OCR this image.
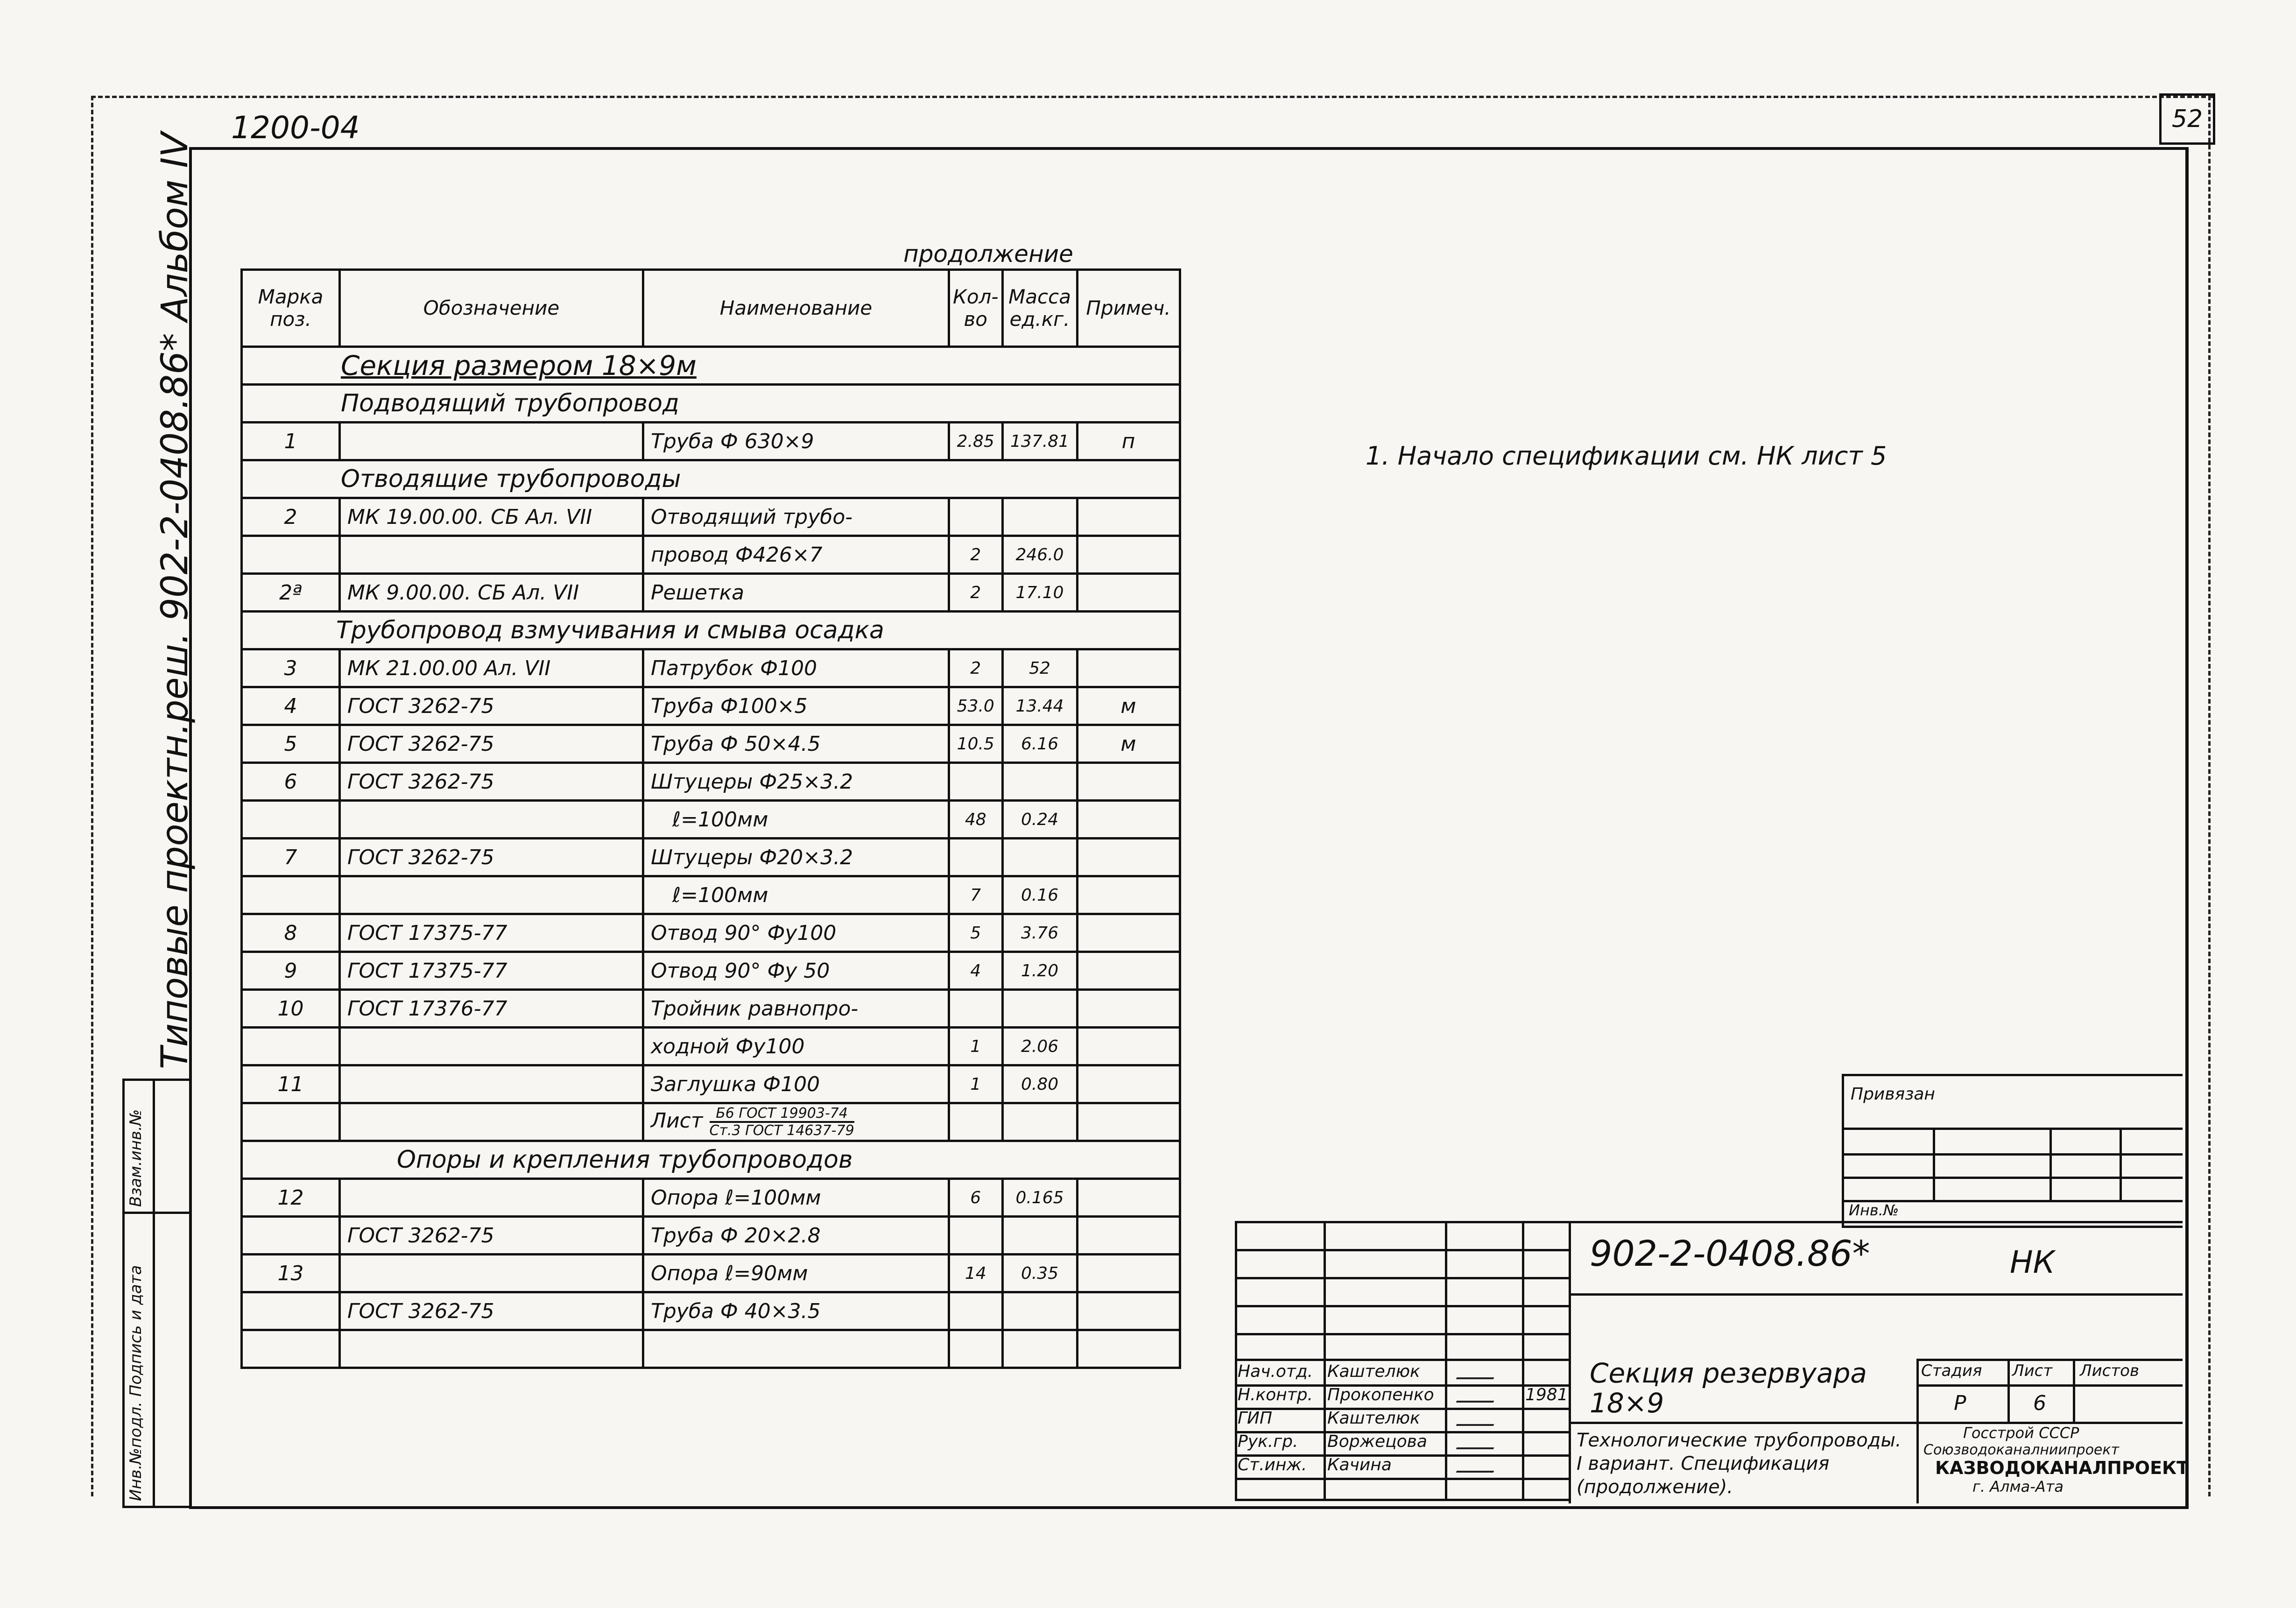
52
1200-04
Типовые проектн.реш. 902-2-0408.86* Альбом IV
Инв.№подл. Подпись и дата
Взам.инв.№
продолжение
Марка поз.	Обозначение	Наименование	Кол-во	Масса ед.кг.	Примеч.
Секция размером 18×9м					
Подводящий трубопровод					
1		Труба Ф 630×9	2.85	137.81	п
Отводящие трубопроводы					
2	МК 19.00.00. СБ Ал. VII	Отводящий трубо-			
		провод Ф426×7	2	246.0	
2ª	МК 9.00.00. СБ Ал. VII	Решетка	2	17.10	
Трубопровод взмучивания и смыва осадка					
3	МК 21.00.00 Ал. VII	Патрубок Ф100	2	52	
4	ГОСТ 3262-75	Труба Ф100×5	53.0	13.44	м
5	ГОСТ 3262-75	Труба Ф 50×4.5	10.5	6.16	м
6	ГОСТ 3262-75	Штуцеры Ф25×3.2			
		ℓ=100мм	48	0.24	
7	ГОСТ 3262-75	Штуцеры Ф20×3.2			
		ℓ=100мм	7	0.16	
8	ГОСТ 17375-77	Отвод 90° Фу100	5	3.76	
9	ГОСТ 17375-77	Отвод 90° Фу 50	4	1.20	
10	ГОСТ 17376-77	Тройник равнопро-			
		ходной Фу100	1	2.06	
11		Заглушка Ф100	1	0.80	
		Лист $\frac{\text{Б6 ГОСТ 19903-74}}{\text{Ст.3 ГОСТ 14637-79}}$			
Опоры и крепления трубопроводов					
12		Опора ℓ=100мм	6	0.165	
	ГОСТ 3262-75	Труба Ф 20×2.8			
13		Опора ℓ=90мм	14	0.35	
	ГОСТ 3262-75	Труба Ф 40×3.5			

1. Начало спецификации см. НК лист 5
Привязан
Инв.№
Нач.отд. Каштелюк
Н.контр. Прокопенко
ГИП	Каштелюк
Рук.гр. Воржецова
Ст.инж. Качина
1981
902-2-0408.86*	НК
Секция резервуара 18×9
Технологические трубопроводы. I вариант. Спецификация (продолжение).
Стадия Лист Листов
Р	6
Госстрой СССР
Союзводоканалниипроект
КАЗВОДОКАНАЛПРОЕКТ
г. Алма-Ата
